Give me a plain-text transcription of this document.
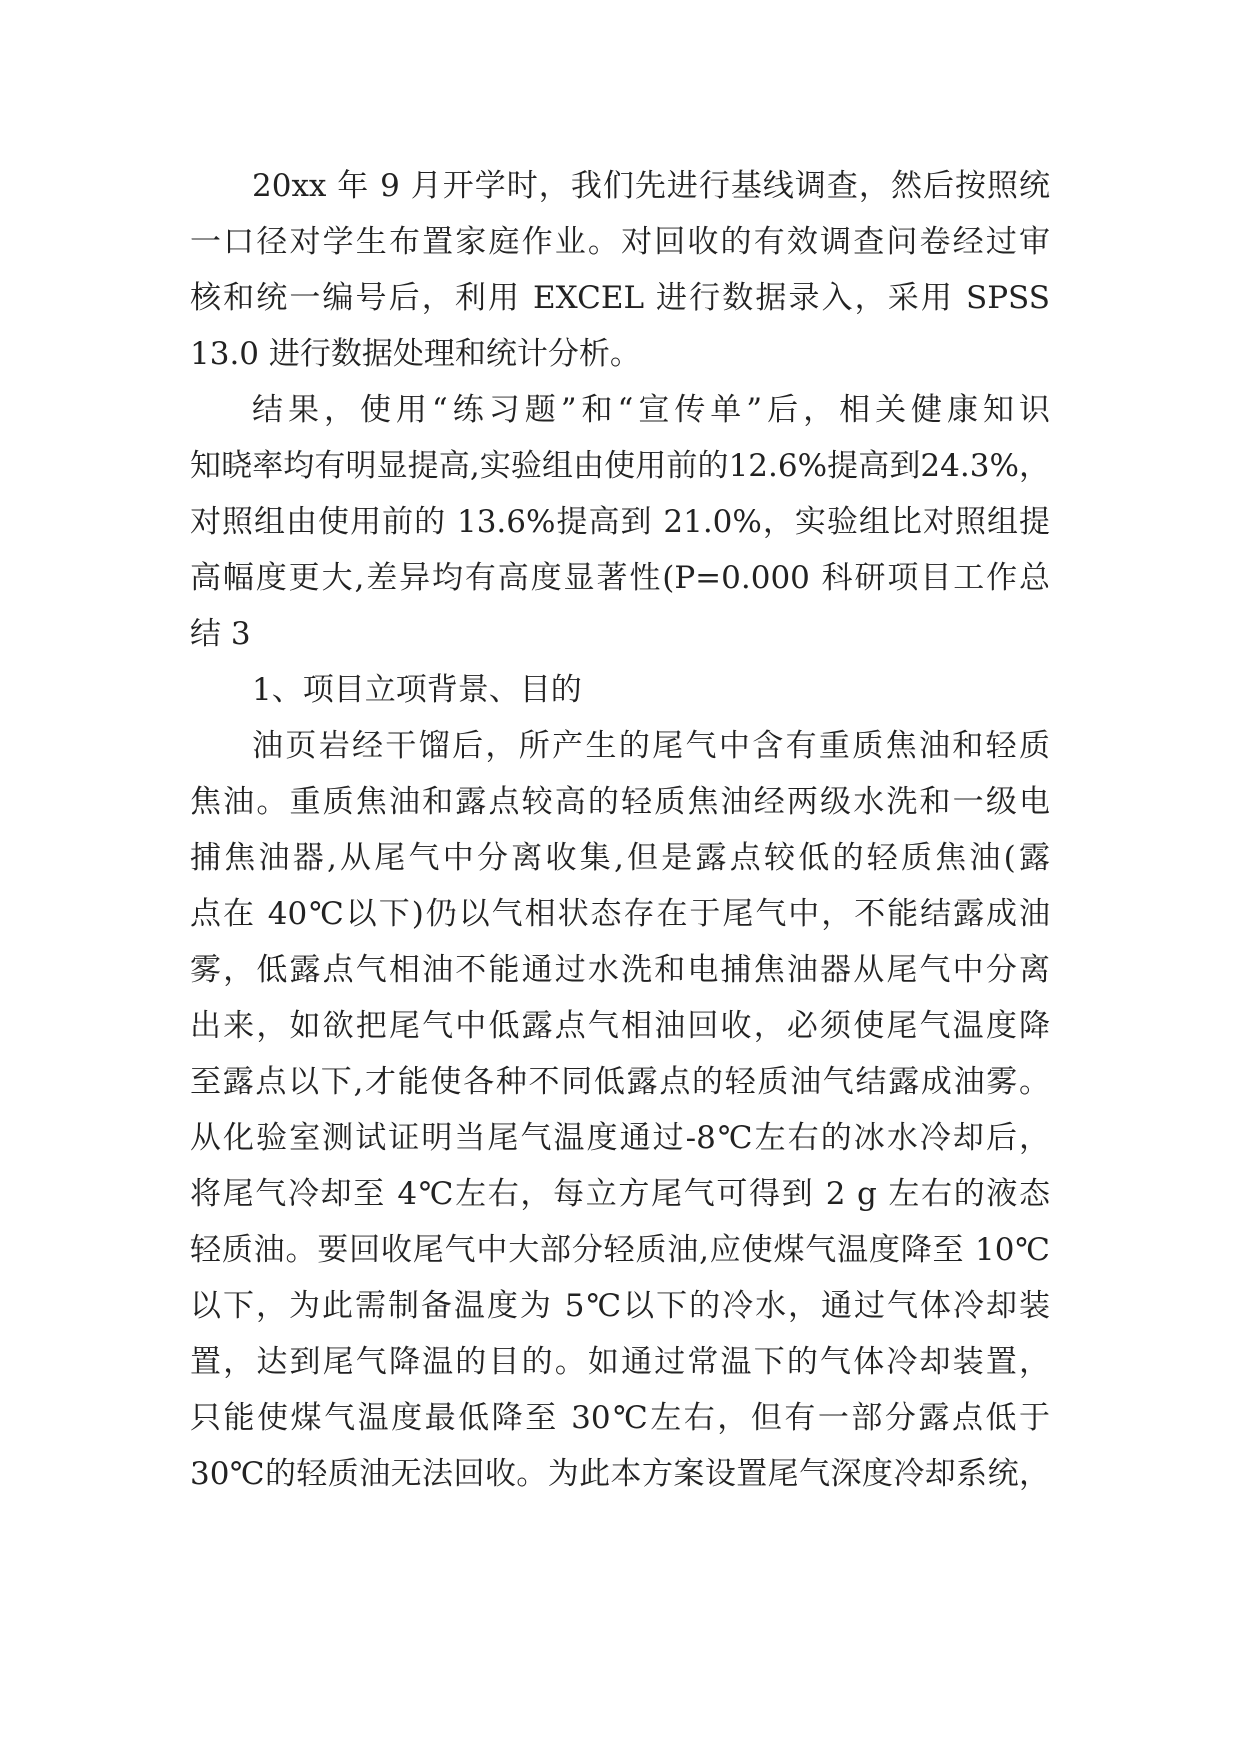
20xx 年 9 月开学时，我们先进行基线调查，然后按照统
一口径对学生布置家庭作业。对回收的有效调查问卷经过审
核和统一编号后，利用 EXCEL 进行数据录入，采用 SPSS
13.0 进行数据处理和统计分析。
结果，使用“练习题”和“宣传单”后，相关健康知识
知晓率均有明显提高,实验组由使用前的12.6%提高到24.3%，
对照组由使用前的 13.6%提高到 21.0%，实验组比对照组提
高幅度更大,差异均有高度显著性(P=0.000 科研项目工作总
结 3
1、项目立项背景、目的
油页岩经干馏后，所产生的尾气中含有重质焦油和轻质
焦油。重质焦油和露点较高的轻质焦油经两级水洗和一级电
捕焦油器,从尾气中分离收集,但是露点较低的轻质焦油(露
点在 40℃以下)仍以气相状态存在于尾气中，不能结露成油
雾，低露点气相油不能通过水洗和电捕焦油器从尾气中分离
出来，如欲把尾气中低露点气相油回收，必须使尾气温度降
至露点以下,才能使各种不同低露点的轻质油气结露成油雾。
从化验室测试证明当尾气温度通过-8℃左右的冰水冷却后，
将尾气冷却至 4℃左右，每立方尾气可得到 2 g 左右的液态
轻质油。要回收尾气中大部分轻质油,应使煤气温度降至 10℃
以下，为此需制备温度为 5℃以下的冷水，通过气体冷却装
置，达到尾气降温的目的。如通过常温下的气体冷却装置，
只能使煤气温度最低降至 30℃左右，但有一部分露点低于
30℃的轻质油无法回收。为此本方案设置尾气深度冷却系统，
